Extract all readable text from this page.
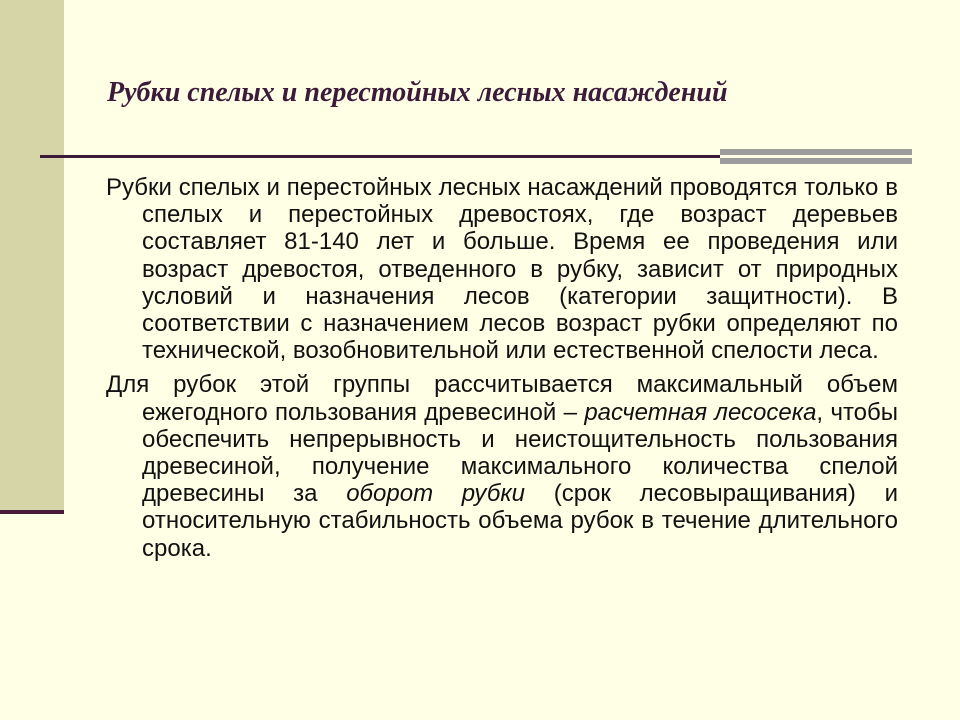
Рубки спелых и перестойных лесных насаждений

Рубки спелых и перестойных лесных насаждений проводятся только в спелых и перестойных древостоях, где возраст деревьев составляет 81-140 лет и больше. Время ее проведения или возраст древостоя, отведенного в рубку, зависит от природных условий и назначения лесов (категории защитности). В соответствии с назначением лесов возраст рубки определяют по технической, возобновительной или естественной спелости леса.

Для рубок этой группы рассчитывается максимальный объем ежегодного пользования древесиной – расчетная лесосека, чтобы обеспечить непрерывность и неистощительность пользования древесиной, получение максимального количества спелой древесины за оборот рубки (срок лесовыращивания) и относительную стабильность объема рубок в течение длительного срока.
